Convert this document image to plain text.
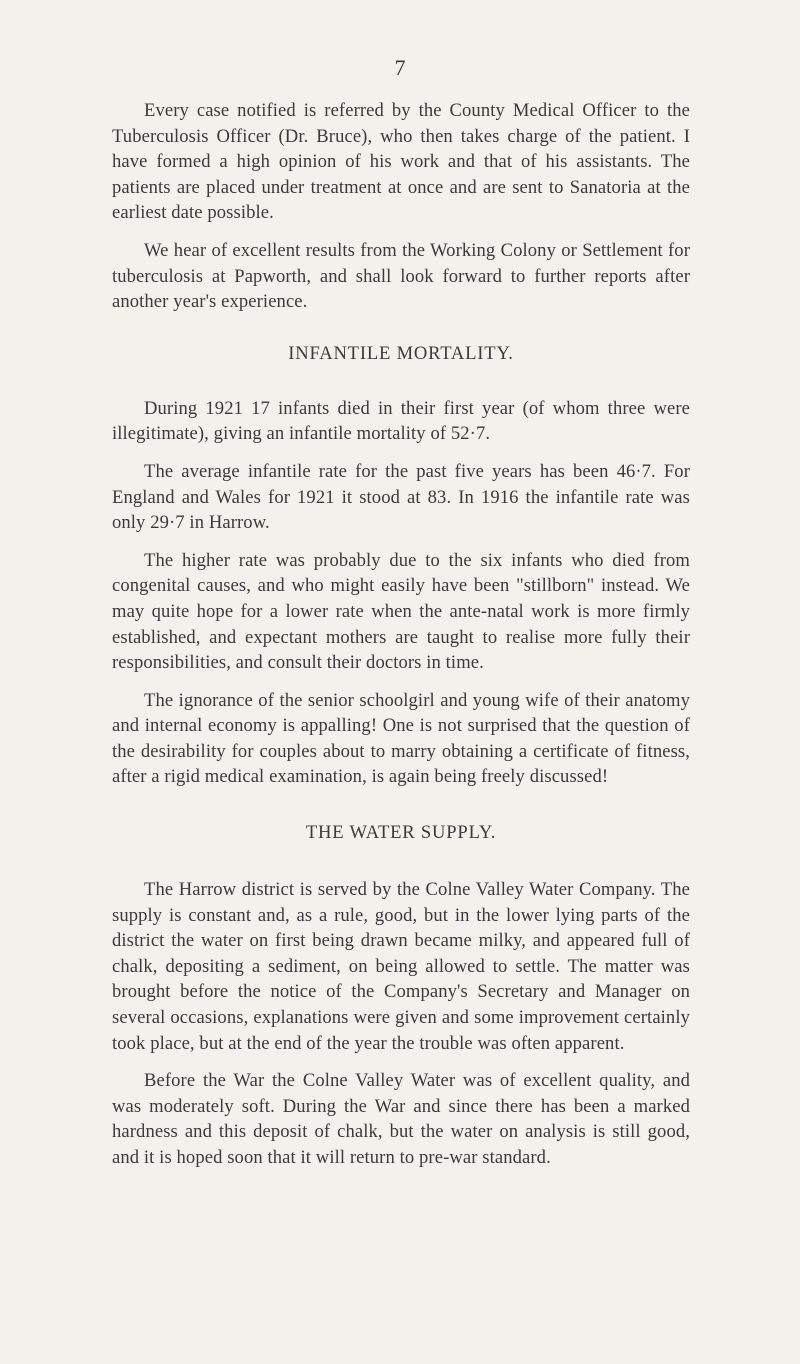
7

Every case notified is referred by the County Medical Officer to the Tuberculosis Officer (Dr. Bruce), who then takes charge of the patient. I have formed a high opinion of his work and that of his assistants. The patients are placed under treatment at once and are sent to Sanatoria at the earliest date possible.

We hear of excellent results from the Working Colony or Settlement for tuberculosis at Papworth, and shall look forward to further reports after another year's experience.

INFANTILE MORTALITY.

During 1921 17 infants died in their first year (of whom three were illegitimate), giving an infantile mortality of 52·7.

The average infantile rate for the past five years has been 46·7. For England and Wales for 1921 it stood at 83. In 1916 the infantile rate was only 29·7 in Harrow.

The higher rate was probably due to the six infants who died from congenital causes, and who might easily have been "stillborn" instead. We may quite hope for a lower rate when the ante-natal work is more firmly established, and expectant mothers are taught to realise more fully their responsibilities, and consult their doctors in time.

The ignorance of the senior schoolgirl and young wife of their anatomy and internal economy is appalling! One is not surprised that the question of the desirability for couples about to marry obtaining a certificate of fitness, after a rigid medical examination, is again being freely discussed!

THE WATER SUPPLY.

The Harrow district is served by the Colne Valley Water Company. The supply is constant and, as a rule, good, but in the lower lying parts of the district the water on first being drawn became milky, and appeared full of chalk, depositing a sediment, on being allowed to settle. The matter was brought before the notice of the Company's Secretary and Manager on several occasions, explanations were given and some improvement certainly took place, but at the end of the year the trouble was often apparent.

Before the War the Colne Valley Water was of excellent quality, and was moderately soft. During the War and since there has been a marked hardness and this deposit of chalk, but the water on analysis is still good, and it is hoped soon that it will return to pre-war standard.
